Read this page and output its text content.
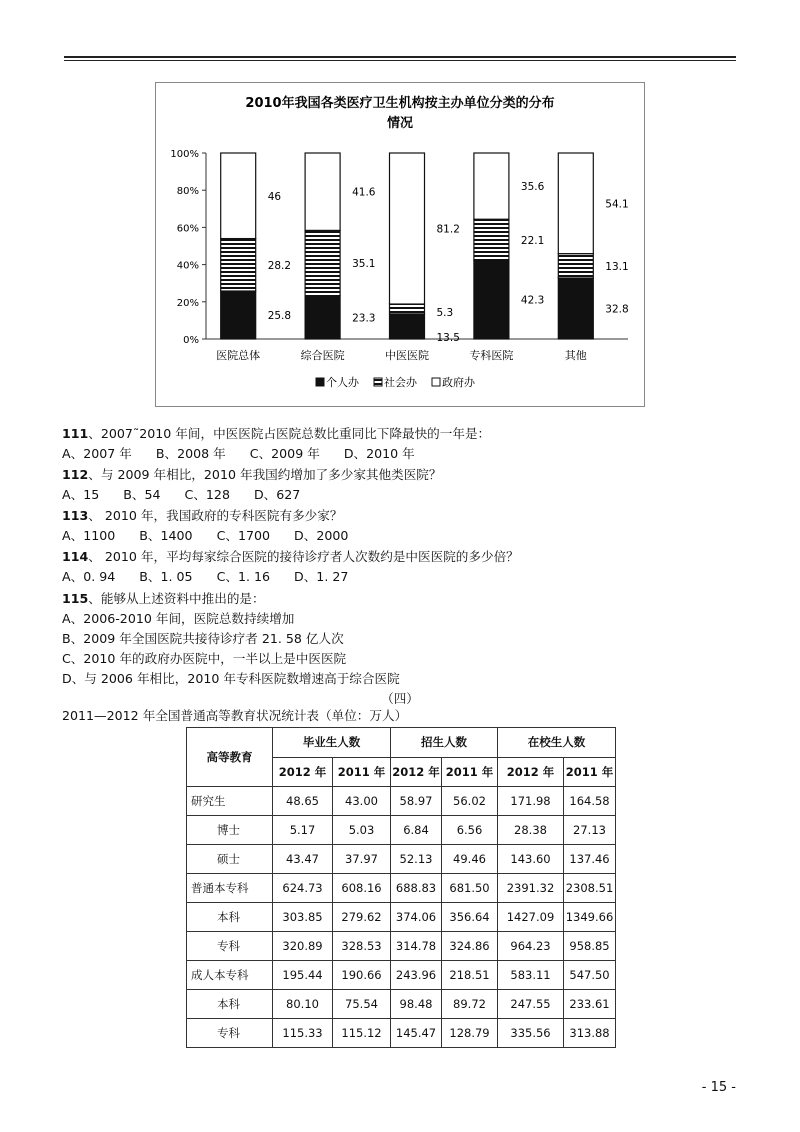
2010年我国各类医疗卫生机构按主办单位分类的分布
情况
0%
20%
40%
60%
80%
100%
25.8
28.2
46
医院总体
23.3
35.1
41.6
综合医院
13.5
5.3
81.2
中医医院
42.3
22.1
35.6
专科医院
32.8
13.1
54.1
其他
个人办 社会办 政府办
111、2007˜2010 年间，中医医院占医院总数比重同比下降最快的一年是：
A、2007 年      B、2008 年      C、2009 年      D、2010 年
112、与 2009 年相比，2010 年我国约增加了多少家其他类医院？
A、15      B、54      C、128      D、627
113、 2010 年，我国政府的专科医院有多少家？
A、1100      B、1400      C、1700      D、2000
114、 2010 年，平均每家综合医院的接待诊疗者人次数约是中医医院的多少倍？
A、0. 94      B、1. 05      C、1. 16      D、1. 27
115、能够从上述资料中推出的是：
A、2006-2010 年间，医院总数持续增加
B、2009 年全国医院共接待诊疗者 21. 58 亿人次
C、2010 年的政府办医院中，一半以上是中医医院
D、与 2006 年相比，2010 年专科医院数增速高于综合医院
（四）
2011—2012 年全国普通高等教育状况统计表（单位：万人）
高等教育	毕业生人数		招生人数		在校生人数	
	2012 年	2011 年	2012 年	2011 年	2012 年	2011 年
研究生	48.65	43.00	58.97	56.02	171.98	164.58
博士	5.17	5.03	6.84	6.56	28.38	27.13
硕士	43.47	37.97	52.13	49.46	143.60	137.46
普通本专科	624.73	608.16	688.83	681.50	2391.32	2308.51
本科	303.85	279.62	374.06	356.64	1427.09	1349.66
专科	320.89	328.53	314.78	324.86	964.23	958.85
成人本专科	195.44	190.66	243.96	218.51	583.11	547.50
本科	80.10	75.54	98.48	89.72	247.55	233.61
专科	115.33	115.12	145.47	128.79	335.56	313.88
- 15 -
